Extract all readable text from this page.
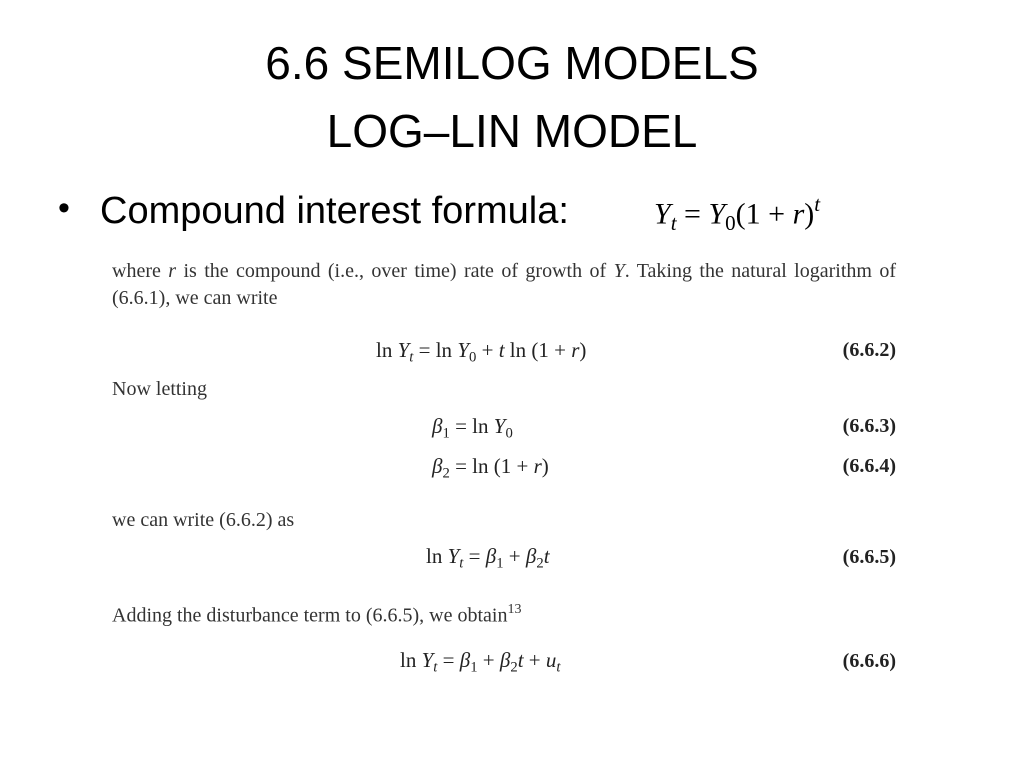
6.6 SEMILOG MODELS
LOG–LIN MODEL
• Compound interest formula:	$Y_t = Y_0(1 + r)^t$
where r is the compound (i.e., over time) rate of growth of Y. Taking the natural logarithm of (6.6.1), we can write
$\ln Y_t = \ln Y_0 + t$ ln (1 + r)	(6.6.2)
Now letting
$\beta_1 = \ln Y_0$	(6.6.3)
$\beta_2 = \ln (1 + r)$	(6.6.4)
we can write (6.6.2) as
$\ln Y_t = \beta_1 + \beta_2t$	(6.6.5)
Adding the disturbance term to (6.6.5), we obtain$^{13}$
$\ln Y_t = \beta_1 + \beta_2t + u_t$	(6.6.6)
